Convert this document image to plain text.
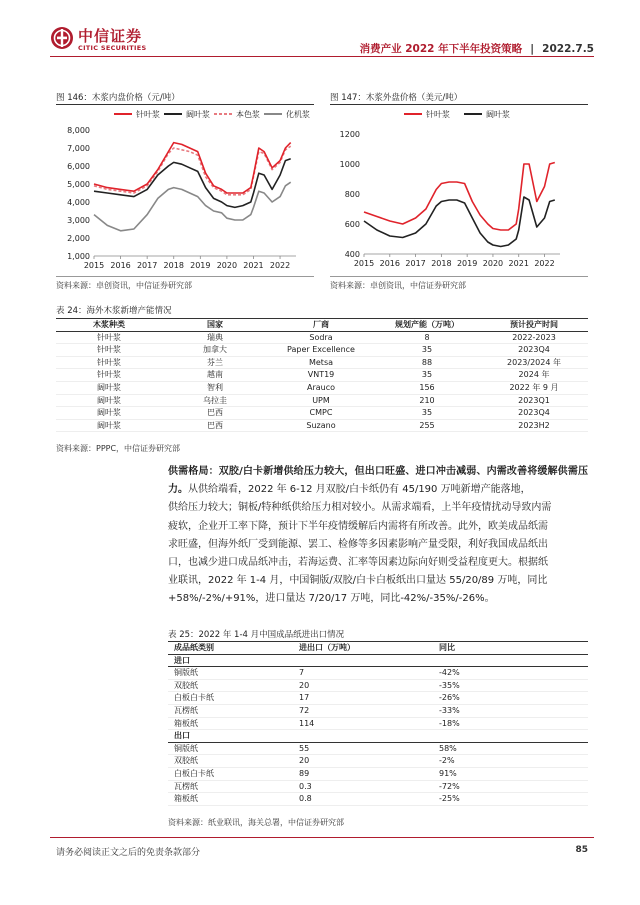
中信证券
CITIC SECURITIES	消费产业 2022 年下半年投资策略 | 2022.7.5
图 146：木浆内盘价格（元/吨）
针叶浆	阔叶浆	本色浆	化机浆
8,000
7,000
6,000
5,000
4,000
3,000
2,000
1,000
2015 2016 2017 2018 2019 2020 2021 2022
资料来源：卓创资讯，中信证券研究部
图 147：木浆外盘价格（美元/吨）
针叶浆	阔叶浆
1200
1000
800
600
400
2015 2016 2017 2018 2019 2020 2021 2022
资料来源：卓创资讯，中信证券研究部
表 24：海外木浆新增产能情况
木浆种类	国家	厂商	规划产能（万吨）	预计投产时间
针叶浆	瑞典	Sodra	8	2022-2023
针叶浆	加拿大	Paper Excellence	35	2023Q4
针叶浆	芬兰	Metsa	88	2023/2024 年
针叶浆	越南	VNT19	35	2024 年
阔叶浆	智利	Arauco	156	2022 年 9 月
阔叶浆	乌拉圭	UPM	210	2023Q1
阔叶浆	巴西	CMPC	35	2023Q4
阔叶浆	巴西	Suzano	255	2023H2
资料来源：PPPC，中信证券研究部
供需格局：双胶/白卡新增供给压力较大，但出口旺盛、进口冲击减弱、内需改善将缓解供需压力。从供给端看，2022 年 6-12 月双胶/白卡纸仍有 45/190 万吨新增产能落地，
供给压力较大；铜板/特种纸供给压力相对较小。从需求端看，上半年疫情扰动导致内需
疲软，企业开工率下降，预计下半年疫情缓解后内需将有所改善。此外，欧美成品纸需
求旺盛，但海外纸厂受到能源、罢工、检修等多因素影响产量受限，利好我国成品纸出
口，也减少进口成品纸冲击，若海运费、汇率等因素边际向好则受益程度更大。根据纸
业联讯，2022 年 1-4 月，中国铜版/双胶/白卡白板纸出口量达 55/20/89 万吨，同比
+58%/-2%/+91%，进口量达 7/20/17 万吨，同比-42%/-35%/-26%。
表 25：2022 年 1-4 月中国成品纸进出口情况
成品纸类别	进出口（万吨）	同比
进口		
铜版纸	7	-42%
双胶纸	20	-35%
白板白卡纸	17	-26%
瓦楞纸	72	-33%
箱板纸	114	-18%
出口		
铜版纸	55	58%
双胶纸	20	-2%
白板白卡纸	89	91%
瓦楞纸	0.3	-72%
箱板纸	0.8	-25%
资料来源：纸业联讯，海关总署，中信证券研究部
请务必阅读正文之后的免责条款部分	85
